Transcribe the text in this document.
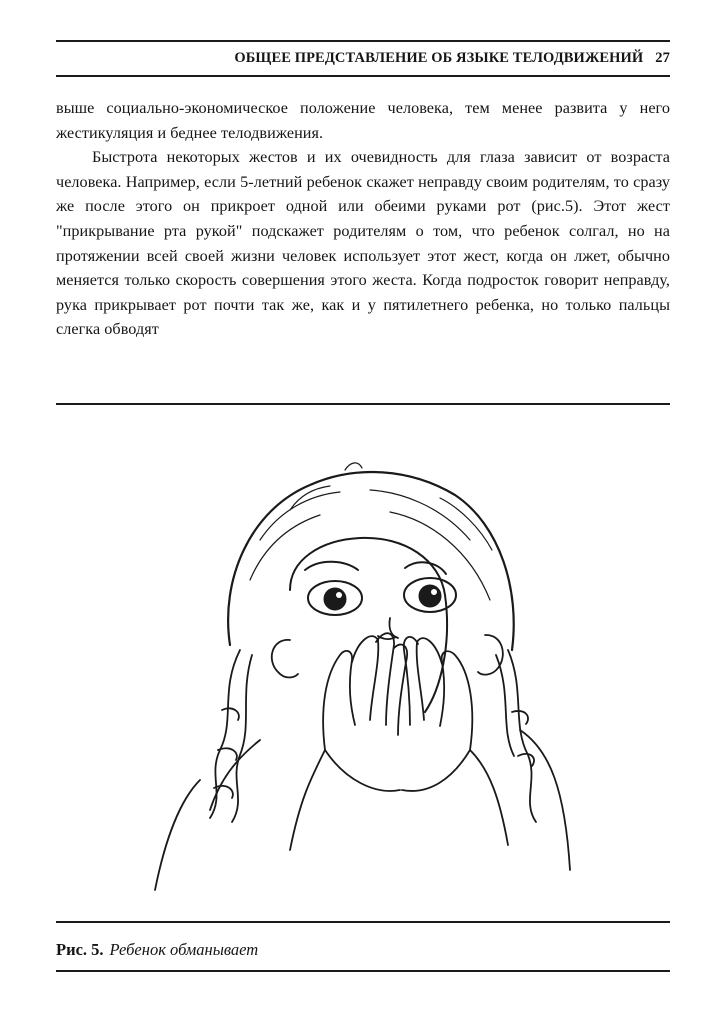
ОБЩЕЕ ПРЕДСТАВЛЕНИЕ ОБ ЯЗЫКЕ ТЕЛОДВИЖЕНИЙ 27

выше социально-экономическое положение человека, тем менее развита у него жестикуляция и беднее телодвижения.

Быстрота некоторых жестов и их очевидность для глаза зависит от возраста человека. Например, если 5-летний ребенок скажет неправду своим родителям, то сразу же после этого он прикроет одной или обеими руками рот (рис.5). Этот жест "прикрывание рта рукой" подскажет родителям о том, что ребенок солгал, но на протяжении всей своей жизни человек использует этот жест, когда он лжет, обычно меняется только скорость совершения этого жеста. Когда подросток говорит неправду, рука прикрывает рот почти так же, как и у пятилетнего ребенка, но только пальцы слегка обводят

Рис. 5. Ребенок обманывает
